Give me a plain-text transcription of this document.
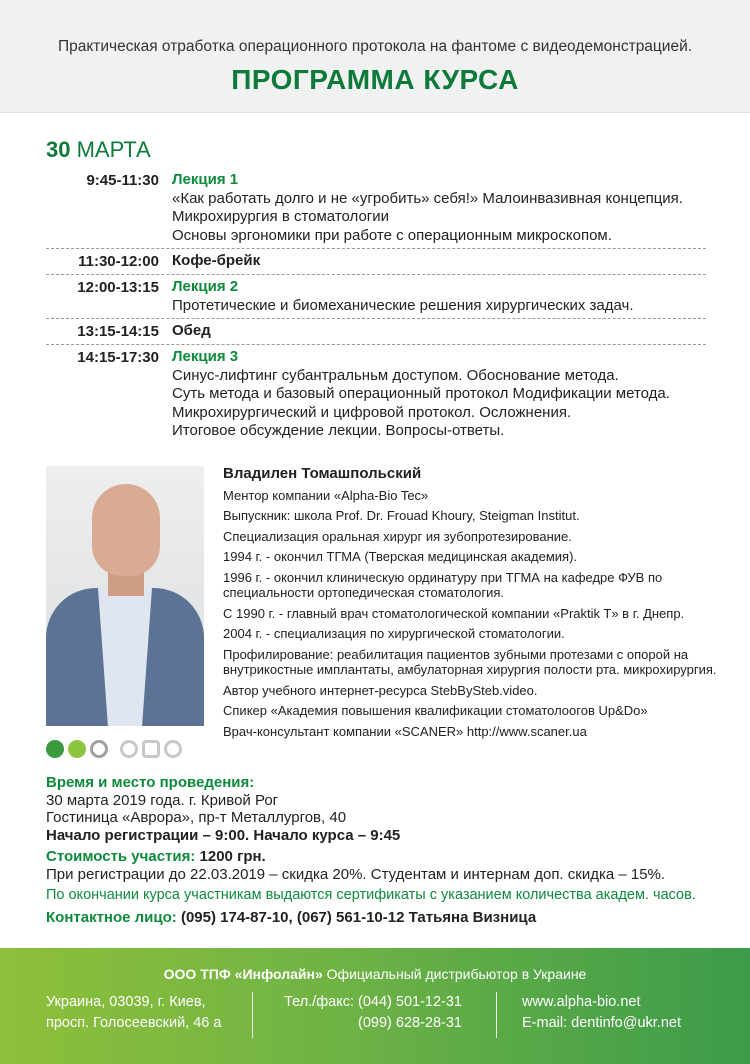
Практическая отработка операционного протокола на фантоме с видеодемонстрацией.
ПРОГРАММА КУРСА
30 МАРТА
9:45-11:30 Лекция 1
«Как работать долго и не «угробить» себя!» Малоинвазивная концепция.
Микрохирургия в стоматологии
Основы эргономики при работе с операционным микроскопом.
11:30-12:00 Кофе-брейк
12:00-13:15 Лекция 2
Протетические и биомеханические решения хирургических задач.
13:15-14:15 Обед
14:15-17:30 Лекция 3
Синус-лифтинг субантральньм доступом. Обоснование метода.
Суть метода и базовый операционный протокол Модификации метода.
Микрохирургический и цифровой протокол. Осложнения.
Итоговое обсуждение лекции. Вопросы-ответы.
Владилен Томашпольский

Ментор компании «Alpha-Bio Tec»

Выпускник: школа Prof. Dr. Frouad Khoury, Steigman Institut.

Специализация оральная хирург ия зубопротезирование.

1994 г. - окончил ТГМА (Тверская медицинская академия).

1996 г. - окончил клиническую ординатуру при ТГМА на кафедре ФУВ по специальности ортопедическая стоматология.

С 1990 г. - главный врач стоматологической компании «Praktik T» в г. Днепр.

2004 г. - специализация по хирургической стоматологии.

Профилирование: реабилитация пациентов зубными протезами с опорой на внутрикостные имплантаты, амбулаторная хирургия полости рта. микрохирургия.

Автор учебного интернет-ресурса StebBySteb.video.

Спикер «Академия повышения квалификации стоматолоогов Up&Do»

Врач-консультант компании «SCANER» http://www.scaner.ua

Время и место проведения:
30 марта 2019 года. г. Кривой Рог
Гостиница «Аврора», пр-т Металлургов, 40
Начало регистрации – 9:00. Начало курса – 9:45
Стоимость участия: 1200 грн.
При регистрации до 22.03.2019 – скидка 20%. Студентам и интернам доп. скидка – 15%.
По окончании курса участникам выдаются сертификаты с указанием количества академ. часов.
Контактное лицо: (095) 174-87-10, (067) 561-10-12 Татьяна Визница
ООО ТПФ «Инфолайн» Официальный дистрибьютор в Украине
Украина, 03039, г. Киев,
просп. Голосеевский, 46 а
Тел./факс: (044) 501-12-31
(099) 628-28-31
www.alpha-bio.net
E-mail: dentinfo@ukr.net
